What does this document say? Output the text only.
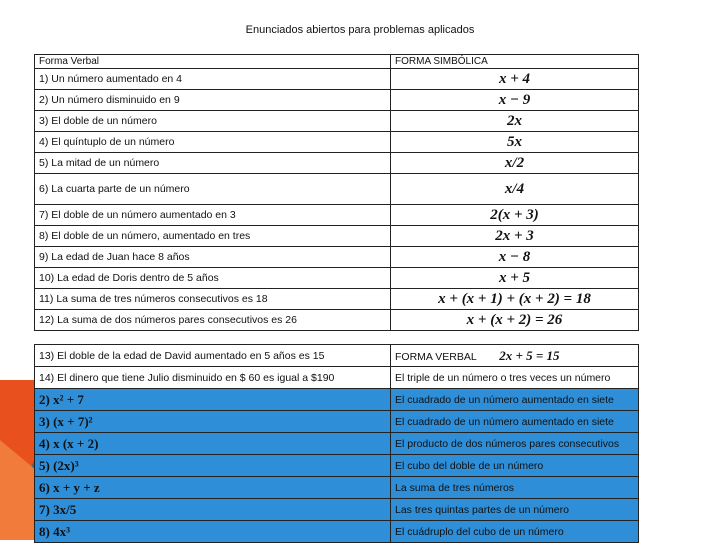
Enunciados abiertos para problemas aplicados
Forma Verbal	FORMA SIMBÓLICA
1) Un número aumentado en 4	x + 4
2) Un número disminuido en 9	x − 9
3) El doble de un número	2x
4) El quíntuplo de un número	5x
5) La mitad de un número	x/2
6) La cuarta parte de un número	x/4
7) El doble de un número aumentado en 3	2(x + 3)
8) El doble de un número, aumentado en tres	2x + 3
9) La edad de Juan hace 8 años	x − 8
10) La edad de Doris dentro de 5 años	x + 5
11) La suma de tres números consecutivos es 18	x + (x + 1) + (x + 2) = 18
12) La suma de dos números pares consecutivos es 26	x + (x + 2) = 26
13) El doble de la edad de David aumentado en 5 años es 15	FORMA VERBAL 2x + 5 = 15
14) El dinero que tiene Julio disminuido en $ 60 es igual a $190	El triple de un número o tres veces un número
2) x² + 7	El cuadrado de un número aumentado en siete
3) (x + 7)²	El cuadrado de un número aumentado en siete
4) x (x + 2)	El producto de dos números pares consecutivos
5) (2x)³	El cubo del doble de un número
6) x + y + z	La suma de tres números
7) 3x/5	Las tres quintas partes de un número
8) 4x³	El cuádruplo del cubo de un número
